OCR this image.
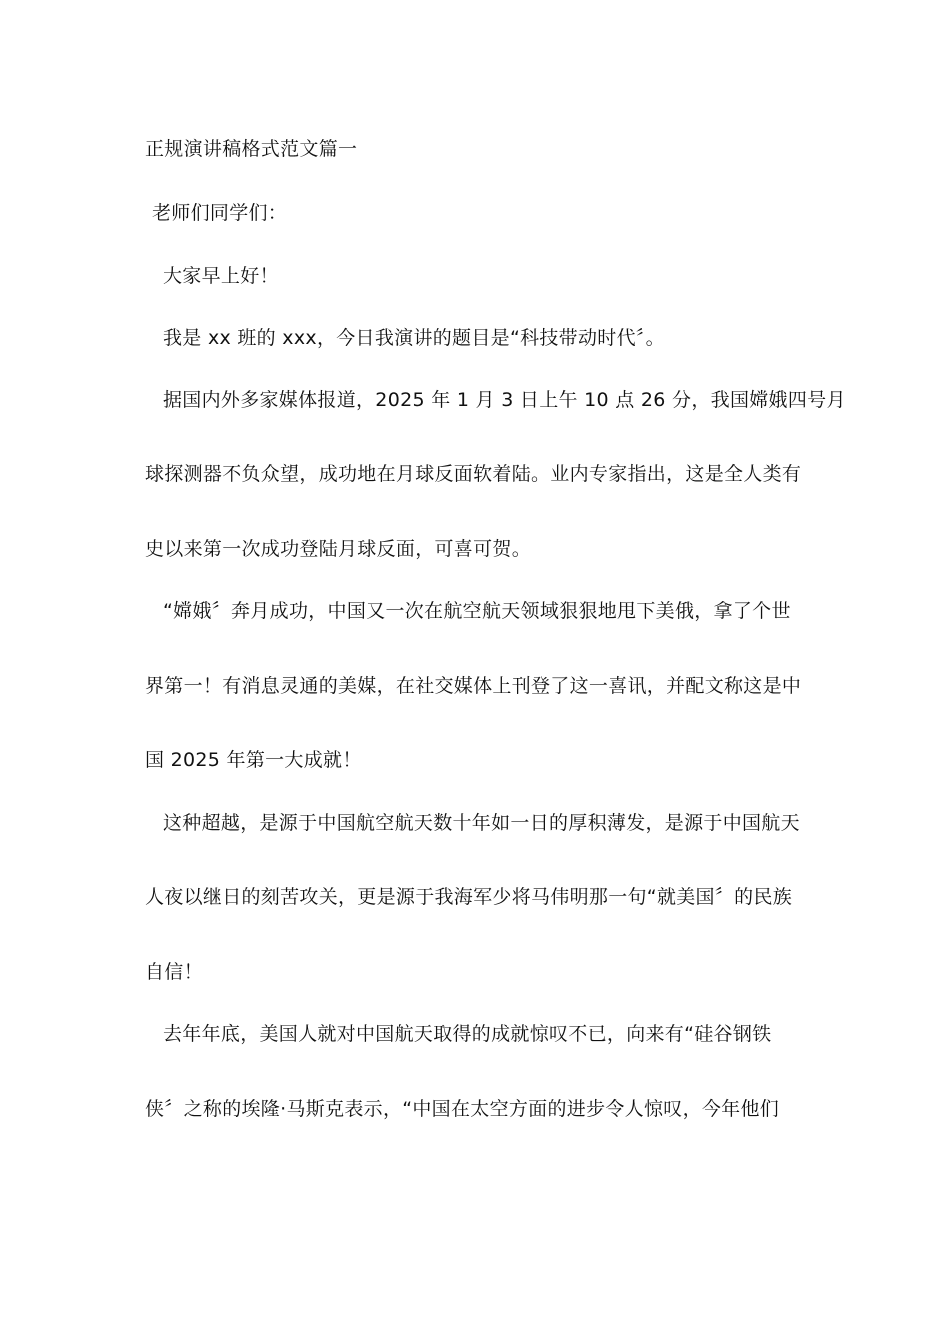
正规演讲稿格式范文篇一
老师们同学们：
大家早上好！
我是 xx 班的 xxx，今日我演讲的题目是“科技带动时代〞。
据国内外多家媒体报道，2025 年 1 月 3 日上午 10 点 26 分，我国嫦娥四号月
球探测器不负众望，成功地在月球反面软着陆。业内专家指出，这是全人类有
史以来第一次成功登陆月球反面，可喜可贺。
“嫦娥〞奔月成功，中国又一次在航空航天领域狠狠地甩下美俄，拿了个世
界第一！有消息灵通的美媒，在社交媒体上刊登了这一喜讯，并配文称这是中
国 2025 年第一大成就！
这种超越，是源于中国航空航天数十年如一日的厚积薄发，是源于中国航天
人夜以继日的刻苦攻关，更是源于我海军少将马伟明那一句“就美国〞的民族
自信！
去年年底，美国人就对中国航天取得的成就惊叹不已，向来有“硅谷钢铁
侠〞之称的埃隆·马斯克表示，“中国在太空方面的进步令人惊叹，今年他们
